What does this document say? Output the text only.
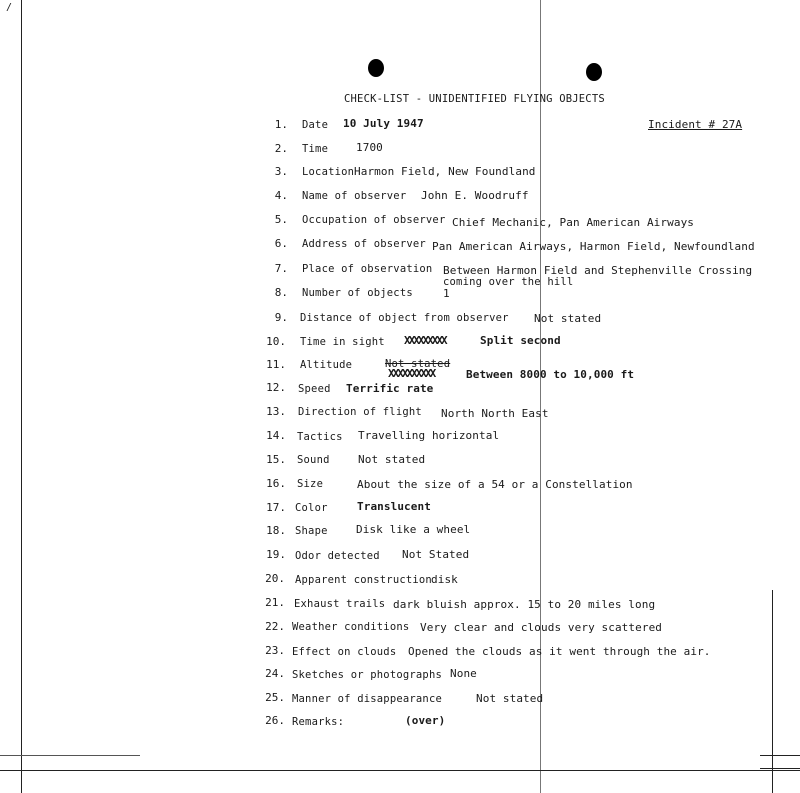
/
CHECK-LIST - UNIDENTIFIED FLYING OBJECTS
Incident # 27A
1. Date 10 July 1947
2. Time	1700
3. Location Harmon Field, New Foundland
4. Name of observer John E. Woodruff
5. Occupation of observer Chief Mechanic, Pan American Airways
6. Address of observer Pan American Airways, Harmon Field, Newfoundland
7. Place of observation Between Harmon Field and Stephenville Crossing
coming over the hill
8. Number of objects	1
9. Distance of object from observer Not stated
10. Time in sight XXXXXXXXX	Split second
11. Altitude	Not stated
XXXXXXXXXX	Between 8000 to 10,000 ft
12. Speed Terrific rate
13. Direction of flight North North East
14. Tactics Travelling horizontal
15. Sound	Not stated
16. Size	About the size of a 54 or a Constellation
17. Color	Translucent
18. Shape	Disk like a wheel
19. Odor detected Not Stated
20. Apparent construction disk
21. Exhaust trails dark bluish approx. 15 to 20 miles long
22. Weather conditions Very clear and clouds very scattered
23. Effect on clouds Opened the clouds as it went through the air.
24. Sketches or photographs None
25. Manner of disappearance	Not stated
26. Remarks:	(over)
